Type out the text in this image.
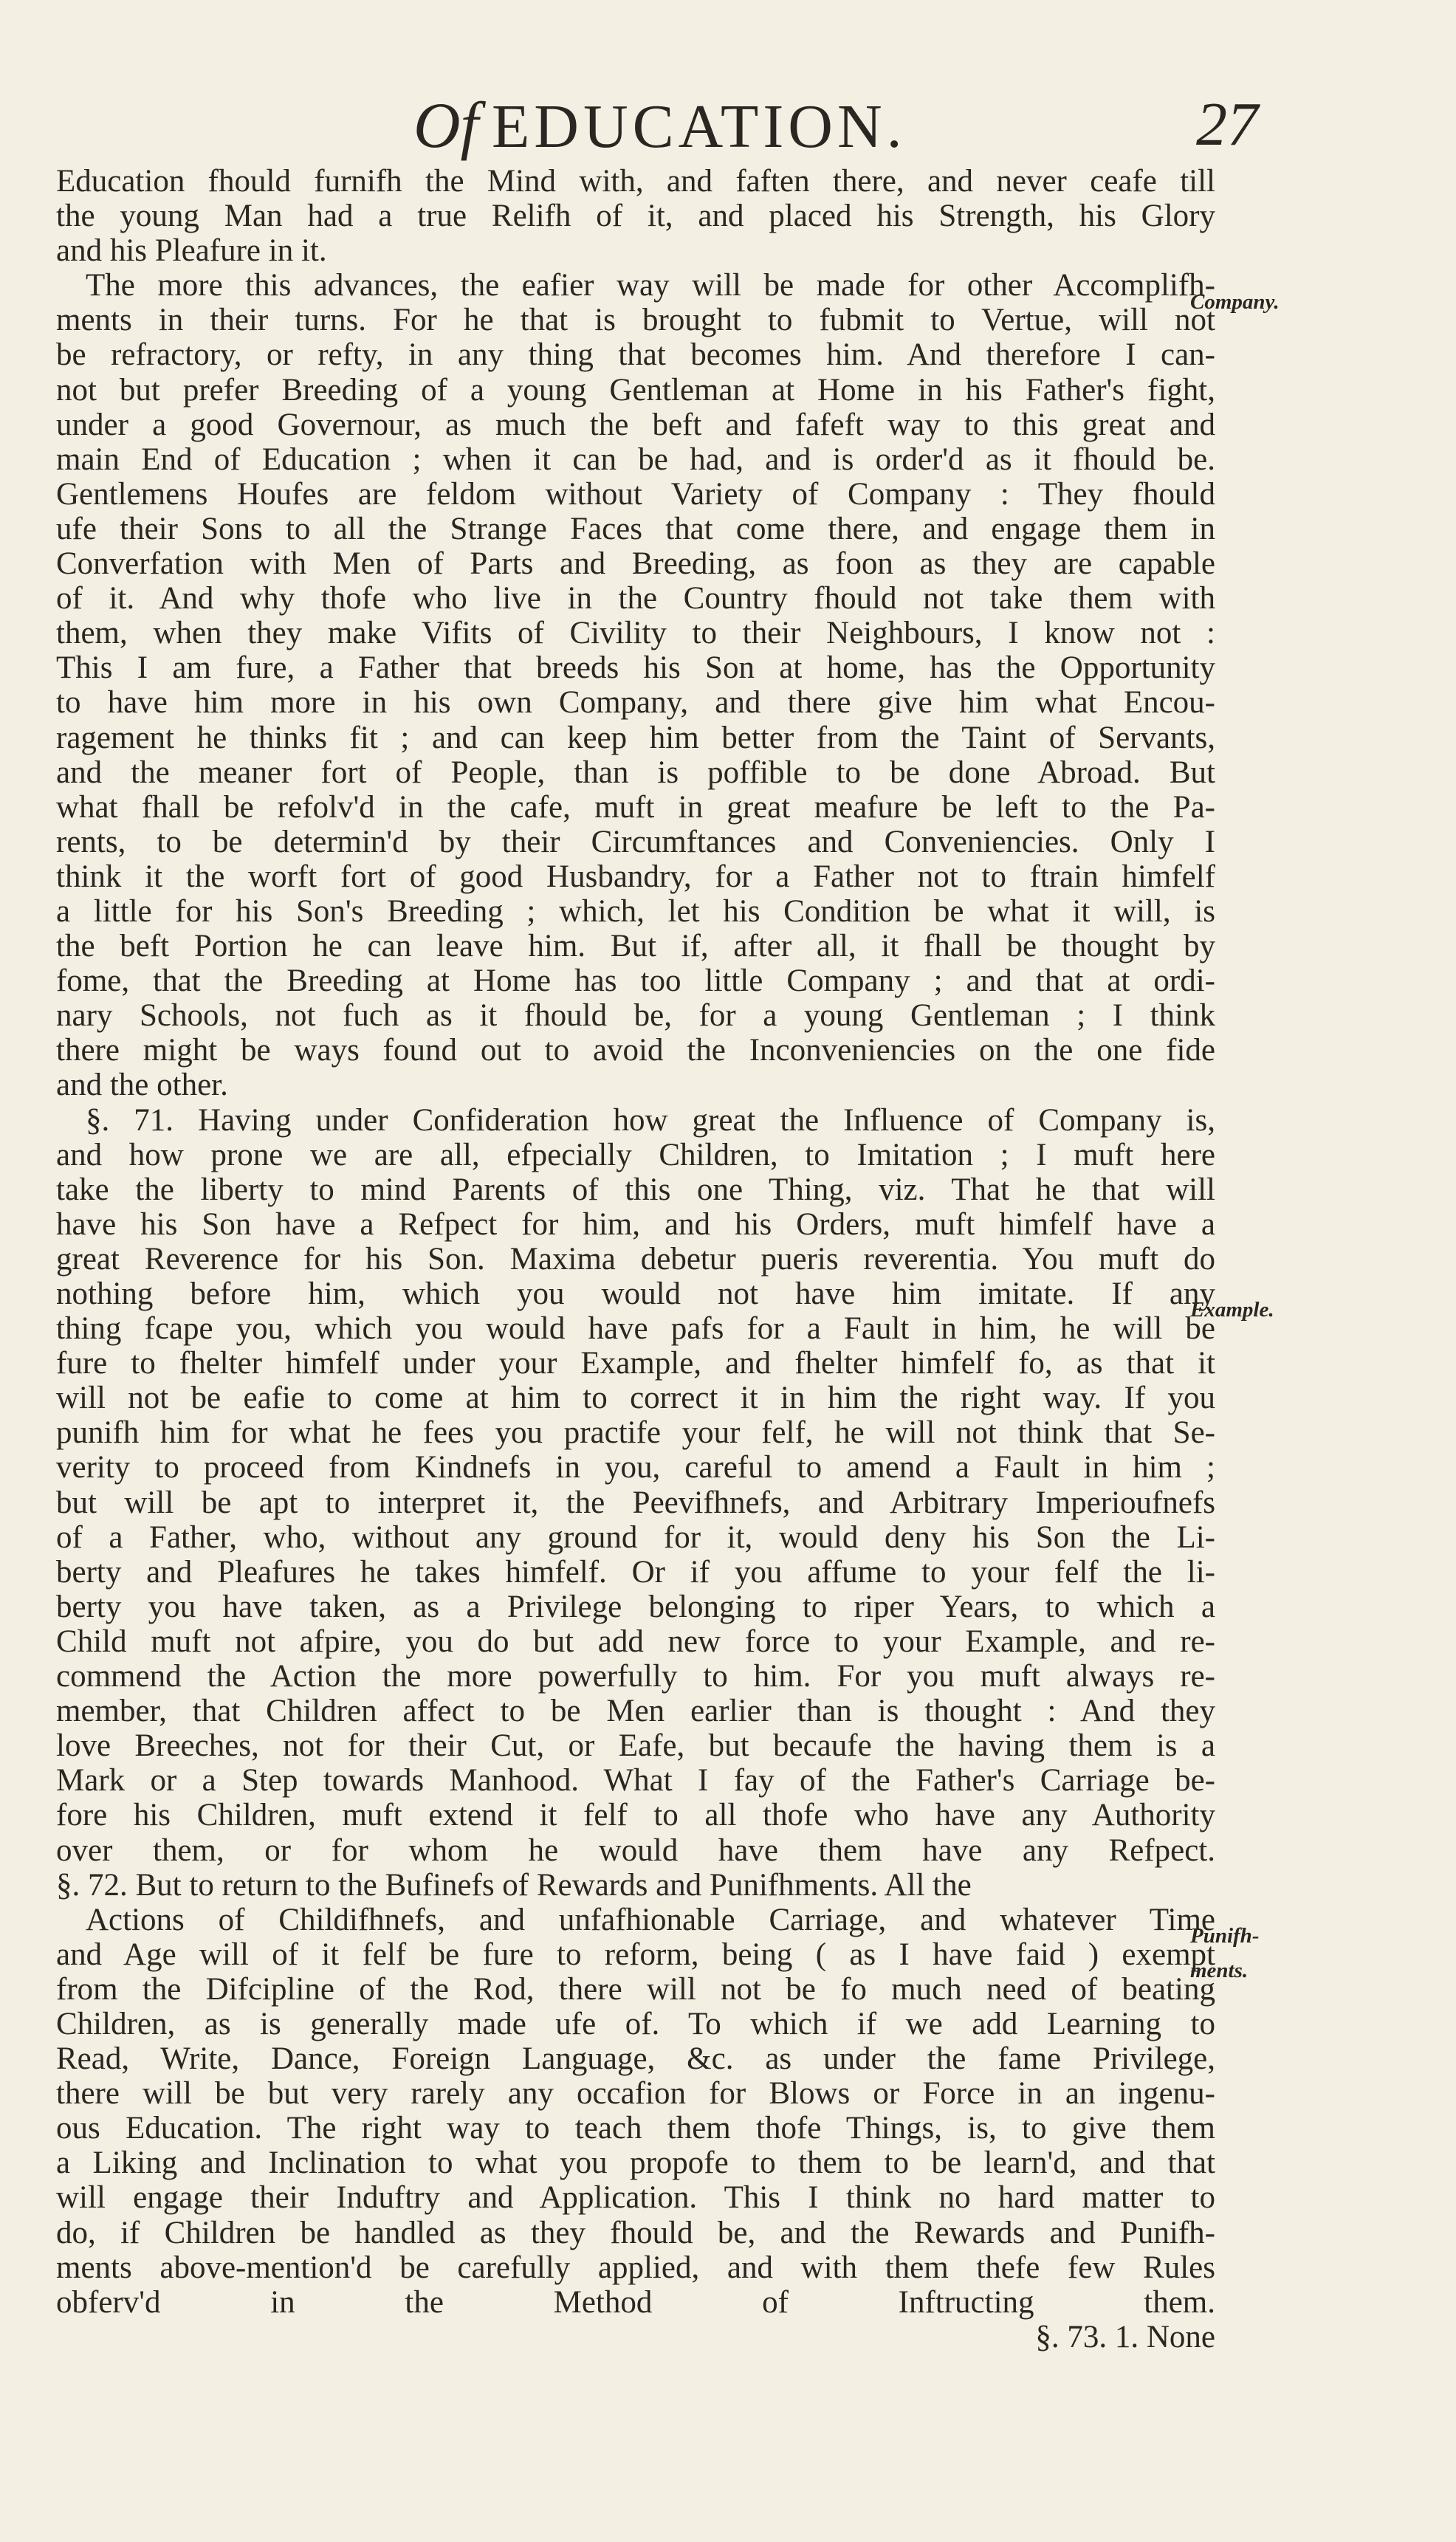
Of EDUCATION.	27
Education fhould furnifh the Mind with, and faften there, and never ceafe till
the young Man had a true Relifh of it, and placed his Strength, his Glory
and his Pleafure in it.
The more this advances, the eafier way will be made for other Accomplifh-
ments in their turns. For he that is brought to fubmit to Vertue, will not
be refractory, or refty, in any thing that becomes him. And therefore I can-
not but prefer Breeding of a young Gentleman at Home in his Father's fight,
under a good Governour, as much the beft and fafeft way to this great and
main End of Education ; when it can be had, and is order'd as it fhould be.
Gentlemens Houfes are feldom without Variety of Company : They fhould
ufe their Sons to all the Strange Faces that come there, and engage them in
Converfation with Men of Parts and Breeding, as foon as they are capable
of it. And why thofe who live in the Country fhould not take them with
them, when they make Vifits of Civility to their Neighbours, I know not :
This I am fure, a Father that breeds his Son at home, has the Opportunity
to have him more in his own Company, and there give him what Encou-
ragement he thinks fit ; and can keep him better from the Taint of Servants,
and the meaner fort of People, than is poffible to be done Abroad. But
what fhall be refolv'd in the cafe, muft in great meafure be left to the Pa-
rents, to be determin'd by their Circumftances and Conveniencies. Only I
think it the worft fort of good Husbandry, for a Father not to ftrain himfelf
a little for his Son's Breeding ; which, let his Condition be what it will, is
the beft Portion he can leave him. But if, after all, it fhall be thought by
fome, that the Breeding at Home has too little Company ; and that at ordi-
nary Schools, not fuch as it fhould be, for a young Gentleman ; I think
there might be ways found out to avoid the Inconveniencies on the one fide
and the other.
§. 71. Having under Confideration how great the Influence of Company is,
and how prone we are all, efpecially Children, to Imitation ; I muft here
take the liberty to mind Parents of this one Thing, viz. That he that will
have his Son have a Refpect for him, and his Orders, muft himfelf have a
great Reverence for his Son. Maxima debetur pueris reverentia. You muft do
nothing before him, which you would not have him imitate. If any
thing fcape you, which you would have pafs for a Fault in him, he will be
fure to fhelter himfelf under your Example, and fhelter himfelf fo, as that it
will not be eafie to come at him to correct it in him the right way. If you
punifh him for what he fees you practife your felf, he will not think that Se-
verity to proceed from Kindnefs in you, careful to amend a Fault in him ;
but will be apt to interpret it, the Peevifhnefs, and Arbitrary Imperioufnefs
of a Father, who, without any ground for it, would deny his Son the Li-
berty and Pleafures he takes himfelf. Or if you affume to your felf the li-
berty you have taken, as a Privilege belonging to riper Years, to which a
Child muft not afpire, you do but add new force to your Example, and re-
commend the Action the more powerfully to him. For you muft always re-
member, that Children affect to be Men earlier than is thought : And they
love Breeches, not for their Cut, or Eafe, but becaufe the having them is a
Mark or a Step towards Manhood. What I fay of the Father's Carriage be-
fore his Children, muft extend it felf to all thofe who have any Authority
over them, or for whom he would have them have any Refpect.
§. 72. But to return to the Bufinefs of Rewards and Punifhments. All the
Actions of Childifhnefs, and unfafhionable Carriage, and whatever Time
and Age will of it felf be fure to reform, being ( as I have faid ) exempt
from the Difcipline of the Rod, there will not be fo much need of beating
Children, as is generally made ufe of. To which if we add Learning to
Read, Write, Dance, Foreign Language, &c. as under the fame Privilege,
there will be but very rarely any occafion for Blows or Force in an ingenu-
ous Education. The right way to teach them thofe Things, is, to give them
a Liking and Inclination to what you propofe to them to be learn'd, and that
will engage their Induftry and Application. This I think no hard matter to
do, if Children be handled as they fhould be, and the Rewards and Punifh-
ments above-mention'd be carefully applied, and with them thefe few Rules
obferv'd in the Method of Inftructing them.
§. 73. 1. None
Company.
Example.
Punifh-
ments.
